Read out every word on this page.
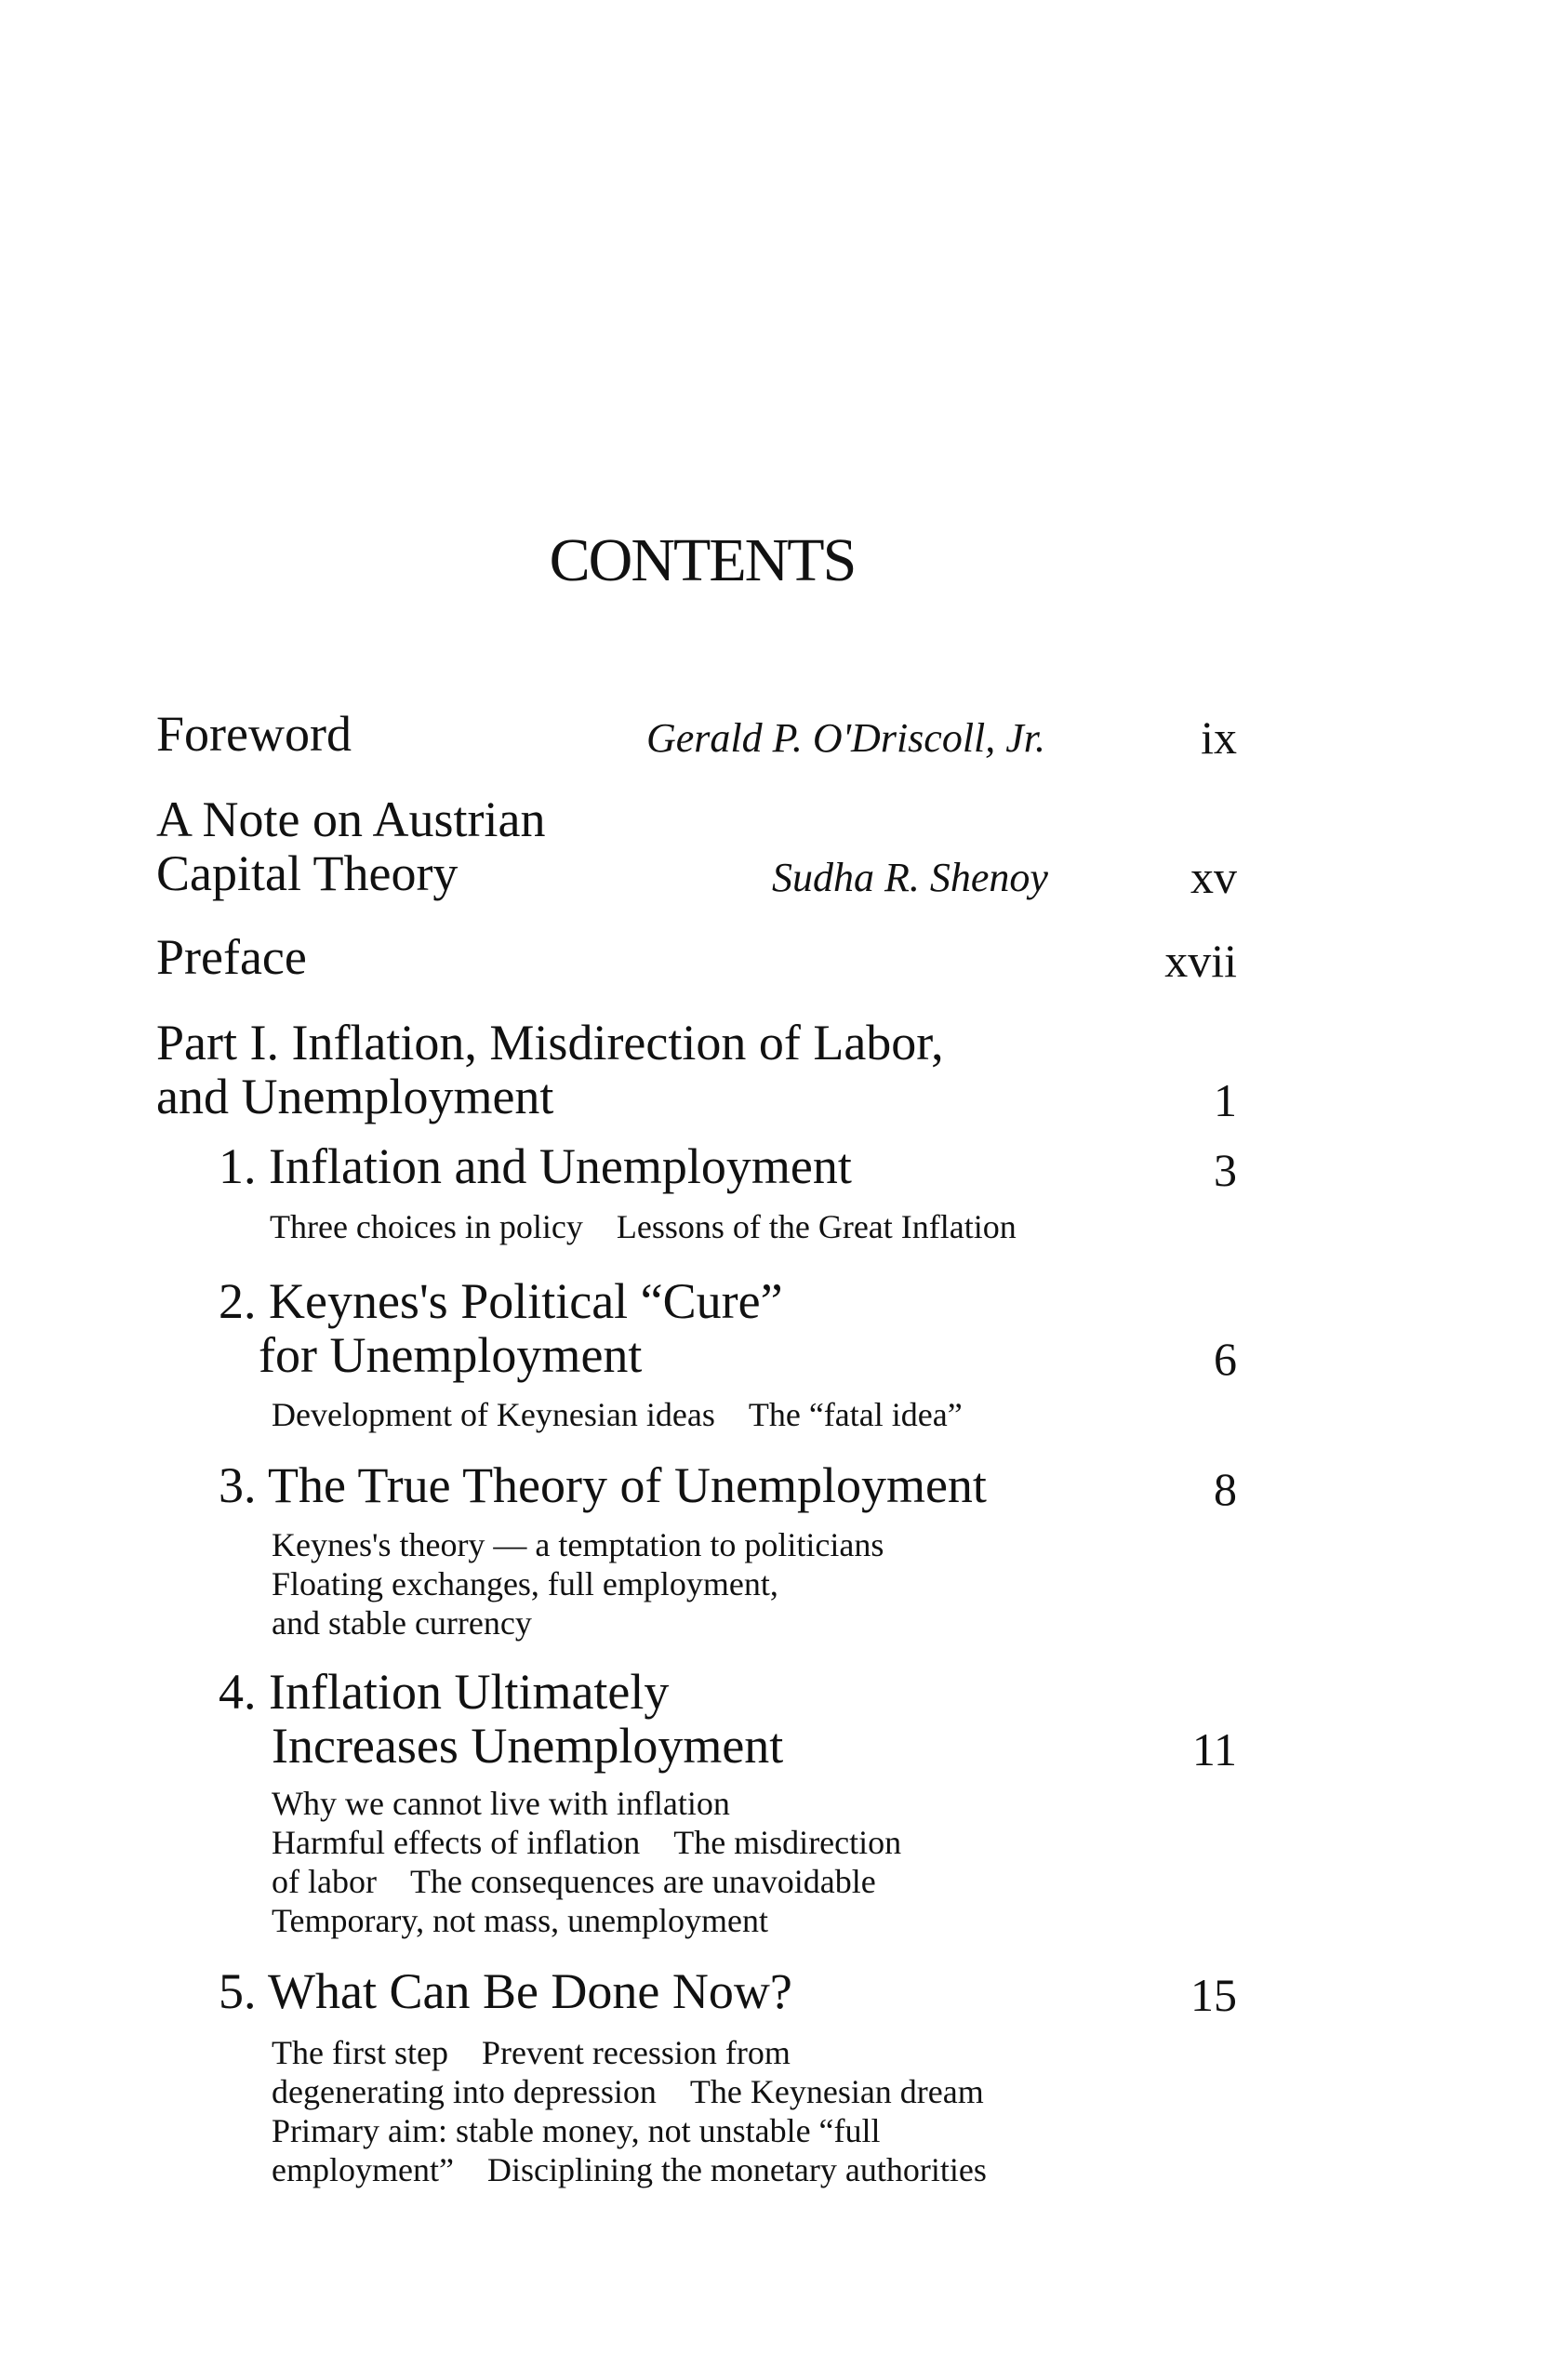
CONTENTS
Foreword	Gerald P. O'Driscoll, Jr.	ix
A Note on Austrian
Capital Theory	Sudha R. Shenoy	xv
Preface	xvii
Part I. Inflation, Misdirection of Labor,
and Unemployment	1
1. Inflation and Unemployment	3
Three choices in policy Lessons of the Great Inflation
2. Keynes's Political “Cure”
for Unemployment	6
Development of Keynesian ideas The “fatal idea”
3. The True Theory of Unemployment	8
Keynes's theory — a temptation to politicians
Floating exchanges, full employment,
and stable currency
4. Inflation Ultimately
Increases Unemployment	11
Why we cannot live with inflation
Harmful effects of inflation The misdirection
of labor The consequences are unavoidable
Temporary, not mass, unemployment
5. What Can Be Done Now?	15
The first step Prevent recession from
degenerating into depression The Keynesian dream
Primary aim: stable money, not unstable “full
employment” Disciplining the monetary authorities
